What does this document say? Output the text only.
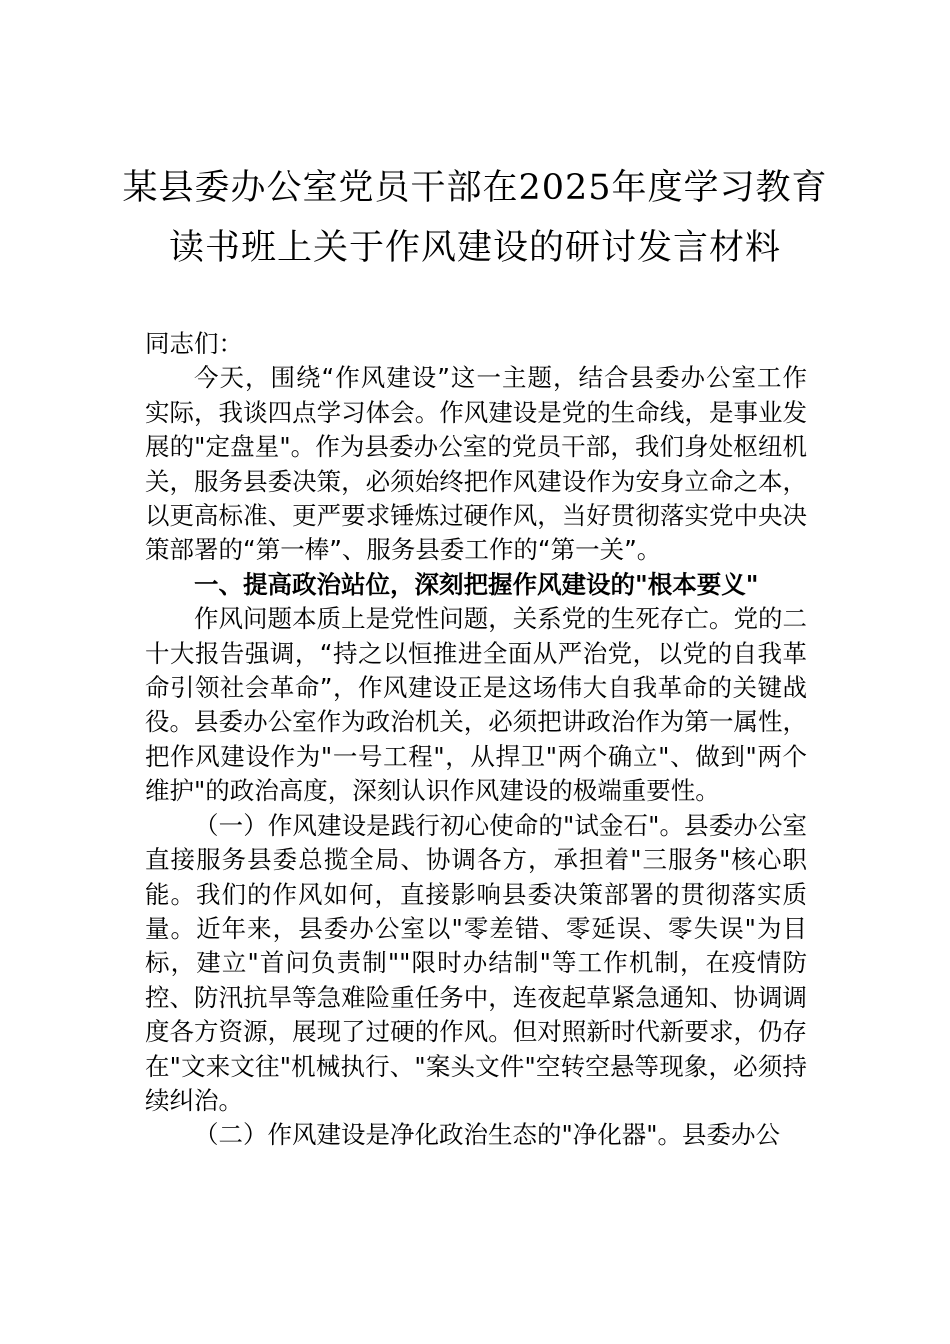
某县委办公室党员干部在2025年度学习教育读书班上关于作风建设的研讨发言材料

同志们：

今天，围绕“作风建设”这一主题，结合县委办公室工作实际，我谈四点学习体会。作风建设是党的生命线，是事业发展的"定盘星"。作为县委办公室的党员干部，我们身处枢纽机关，服务县委决策，必须始终把作风建设作为安身立命之本，以更高标准、更严要求锤炼过硬作风，当好贯彻落实党中央决策部署的“第一棒”、服务县委工作的“第一关”。

一、提高政治站位，深刻把握作风建设的"根本要义"

作风问题本质上是党性问题，关系党的生死存亡。党的二十大报告强调，“持之以恒推进全面从严治党，以党的自我革命引领社会革命”，作风建设正是这场伟大自我革命的关键战役。县委办公室作为政治机关，必须把讲政治作为第一属性，把作风建设作为"一号工程"，从捍卫"两个确立"、做到"两个维护"的政治高度，深刻认识作风建设的极端重要性。

（一）作风建设是践行初心使命的"试金石"。县委办公室直接服务县委总揽全局、协调各方，承担着"三服务"核心职能。我们的作风如何，直接影响县委决策部署的贯彻落实质量。近年来，县委办公室以"零差错、零延误、零失误"为目标，建立"首问负责制""限时办结制"等工作机制，在疫情防控、防汛抗旱等急难险重任务中，连夜起草紧急通知、协调调度各方资源，展现了过硬的作风。但对照新时代新要求，仍存在"文来文往"机械执行、"案头文件"空转空悬等现象，必须持续纠治。

（二）作风建设是净化政治生态的"净化器"。县委办公
